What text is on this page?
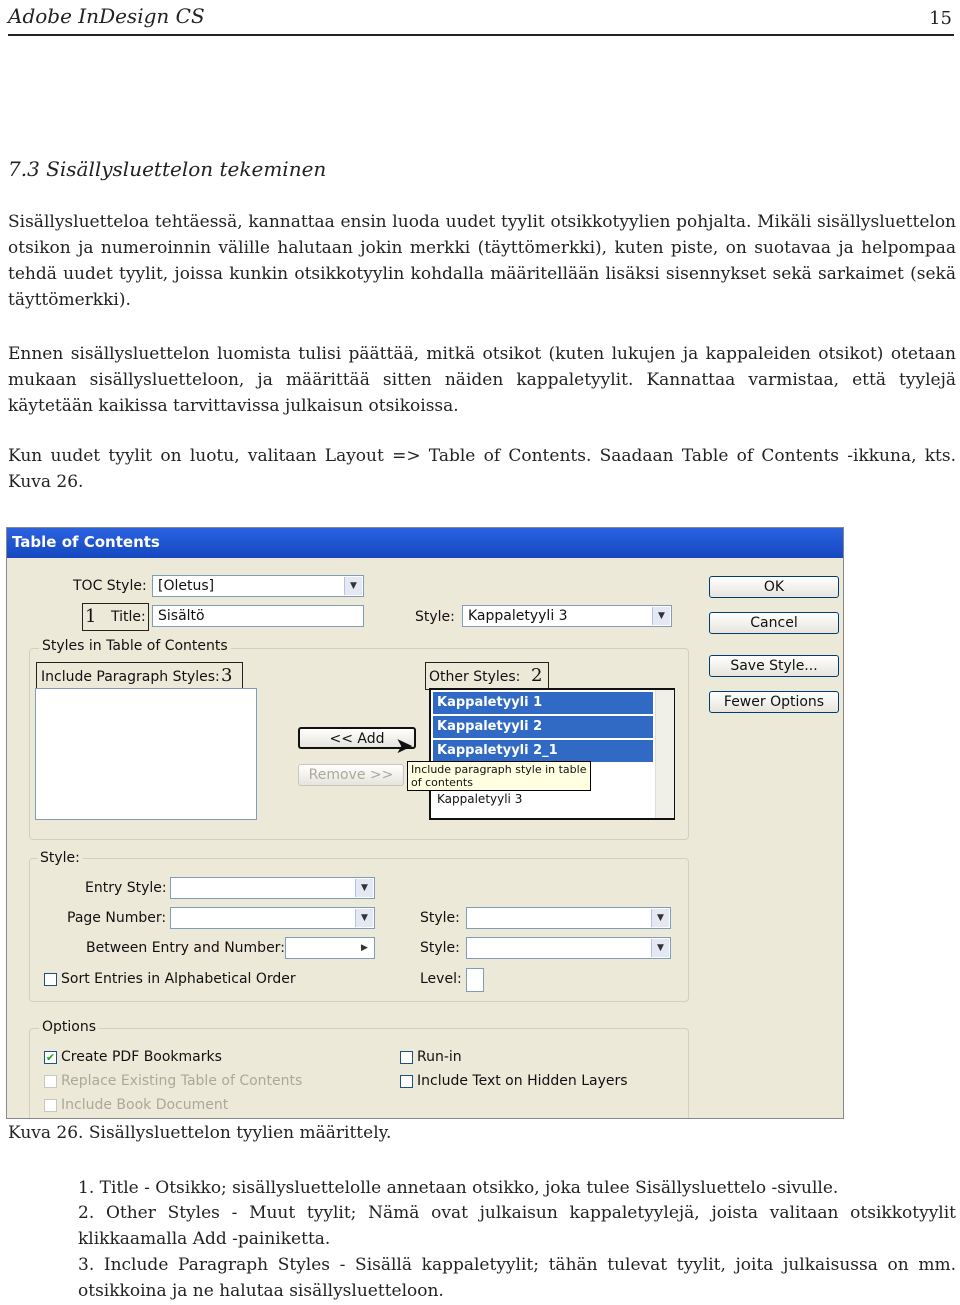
Adobe InDesign CS	15
7.3 Sisällysluettelon tekeminen
Sisällysluetteloa tehtäessä, kannattaa ensin luoda uudet tyylit otsikkotyylien pohjalta. Mikäli sisällysluettelon otsikon ja numeroinnin välille halutaan jokin merkki (täyttömerkki), kuten piste, on suotavaa ja helpompaa tehdä uudet tyylit, joissa kunkin otsikkotyylin kohdalla määritellään lisäksi sisennykset sekä sarkaimet (sekä täyttömerkki).
Ennen sisällysluettelon luomista tulisi päättää, mitkä otsikot (kuten lukujen ja kappaleiden otsikot) otetaan mukaan sisällysluetteloon, ja määrittää sitten näiden kappaletyylit. Kannattaa varmistaa, että tyylejä käytetään kaikissa tarvittavissa julkaisun otsikoissa.
Kun uudet tyylit on luotu, valitaan Layout => Table of Contents. Saadaan Table of Contents -ikkuna, kts. Kuva 26.
Table of Contents
TOC Style: [Oletus]	▼
1 Title: Sisältö	Style: Kappaletyyli 3	▼
OK
Cancel
Save Style...
Fewer Options
Styles in Table of Contents
Include Paragraph Styles: 3	Other Styles: 2
Kappaletyyli 1
Kappaletyyli 2
Kappaletyyli 2_1
Kappaletyyli 3
<< Add ➤
Remove >>	Include paragraph style in table of contents
Style:
Entry Style:	▼
Page Number:	▼
Between Entry and Number:	▶
Style:	▼
Style:	▼
Sort Entries in Alphabetical Order	Level:
Options
✔ Create PDF Bookmarks
Replace Existing Table of Contents
Include Book Document
Run-in
Include Text on Hidden Layers
Kuva 26. Sisällysluettelon tyylien määrittely.
1. Title - Otsikko; sisällysluettelolle annetaan otsikko, joka tulee Sisällysluettelo -sivulle.
2. Other Styles - Muut tyylit; Nämä ovat julkaisun kappaletyylejä, joista valitaan otsikkotyylit klikkaamalla Add -painiketta.
3. Include Paragraph Styles - Sisällä kappaletyylit; tähän tulevat tyylit, joita julkaisussa on mm. otsikkoina ja ne halutaa sisällysluetteloon.
